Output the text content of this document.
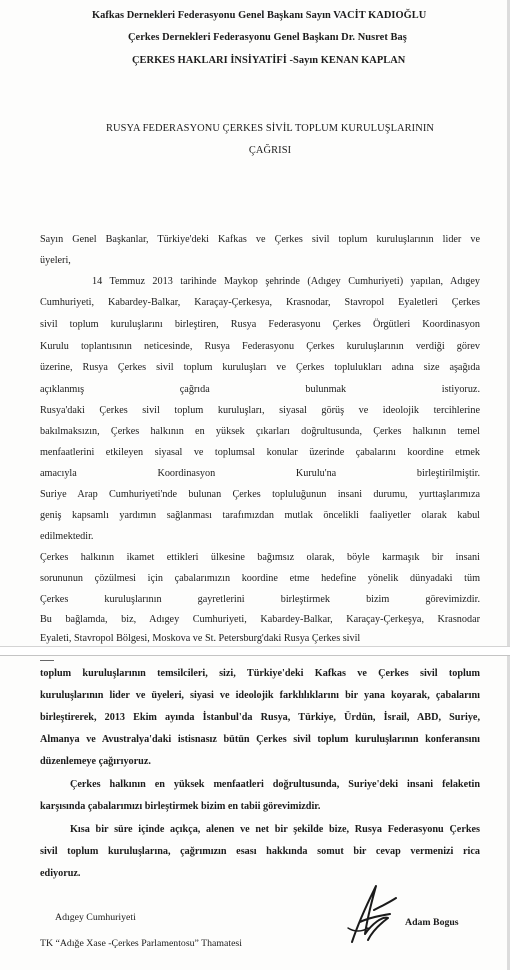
Kafkas Dernekleri Federasyonu Genel Başkanı Sayın VACİT KADIOĞLU
Çerkes Dernekleri Federasyonu Genel Başkanı Dr. Nusret Baş
ÇERKES HAKLARI İNSİYATİFİ -Sayın KENAN KAPLAN
RUSYA FEDERASYONU ÇERKES SİVİL TOPLUM KURULUŞLARININ
ÇAĞRISI
Sayın Genel Başkanlar, Türkiye'deki Kafkas ve Çerkes sivil toplum kuruluşlarının lider ve
üyeleri,
14 Temmuz 2013 tarihinde Maykop şehrinde (Adıgey Cumhuriyeti) yapılan, Adıgey
Cumhuriyeti, Kabardey-Balkar, Karaçay-Çerkesya, Krasnodar, Stavropol Eyaletleri Çerkes
sivil toplum kuruluşlarını birleştiren, Rusya Federasyonu Çerkes Örgütleri Koordinasyon
Kurulu toplantısının neticesinde, Rusya Federasyonu Çerkes kuruluşlarının verdiği görev
üzerine, Rusya Çerkes sivil toplum kuruluşları ve Çerkes toplulukları adına size aşağıda
açıklanmış çağrıda bulunmak istiyoruz.
Rusya'daki Çerkes sivil toplum kuruluşları, siyasal görüş ve ideolojik tercihlerine
bakılmaksızın, Çerkes halkının en yüksek çıkarları doğrultusunda, Çerkes halkının temel
menfaatlerini etkileyen siyasal ve toplumsal konular üzerinde çabalarını koordine etmek
amacıyla Koordinasyon Kurulu'na birleştirilmiştir.
Suriye Arap Cumhuriyeti'nde bulunan Çerkes topluluğunun insani durumu, yurttaşlarımıza
geniş kapsamlı yardımın sağlanması tarafımızdan mutlak öncelikli faaliyetler olarak kabul
edilmektedir.
Çerkes halkının ikamet ettikleri ülkesine bağımsız olarak, böyle karmaşık bir insani
sorununun çözülmesi için çabalarımızın koordine etme hedefine yönelik dünyadaki tüm
Çerkes kuruluşlarının gayretlerini birleştirmek bizim görevimizdir.
Bu bağlamda, biz, Adıgey Cumhuriyeti, Kabardey-Balkar, Karaçay-Çerkeşya, Krasnodar
Eyaleti, Stavropol Bölgesi, Moskova ve St. Petersburg'daki Rusya Çerkes sivil
toplum kuruluşlarının temsilcileri, sizi, Türkiye'deki Kafkas ve Çerkes sivil toplum
kuruluşlarının lider ve üyeleri, siyasi ve ideolojik farklılıklarını bir yana koyarak, çabalarını
birleştirerek, 2013 Ekim ayında İstanbul'da Rusya, Türkiye, Ürdün, İsrail, ABD, Suriye,
Almanya ve Avustralya'daki istisnasız bütün Çerkes sivil toplum kuruluşlarının konferansını
düzenlemeye çağırıyoruz.
Çerkes halkının en yüksek menfaatleri doğrultusunda, Suriye'deki insani felaketin
karşısında çabalarımızı birleştirmek bizim en tabii görevimizdir.
Kısa bir süre içinde açıkça, alenen ve net bir şekilde bize, Rusya Federasyonu Çerkes
sivil toplum kuruluşlarına, çağrımızın esası hakkında somut bir cevap vermenizi rica
ediyoruz.
Adıgey Cumhuriyeti
TK “Adığe Xase -Çerkes Parlamentosu” Thamatesi
Adam Bogus
